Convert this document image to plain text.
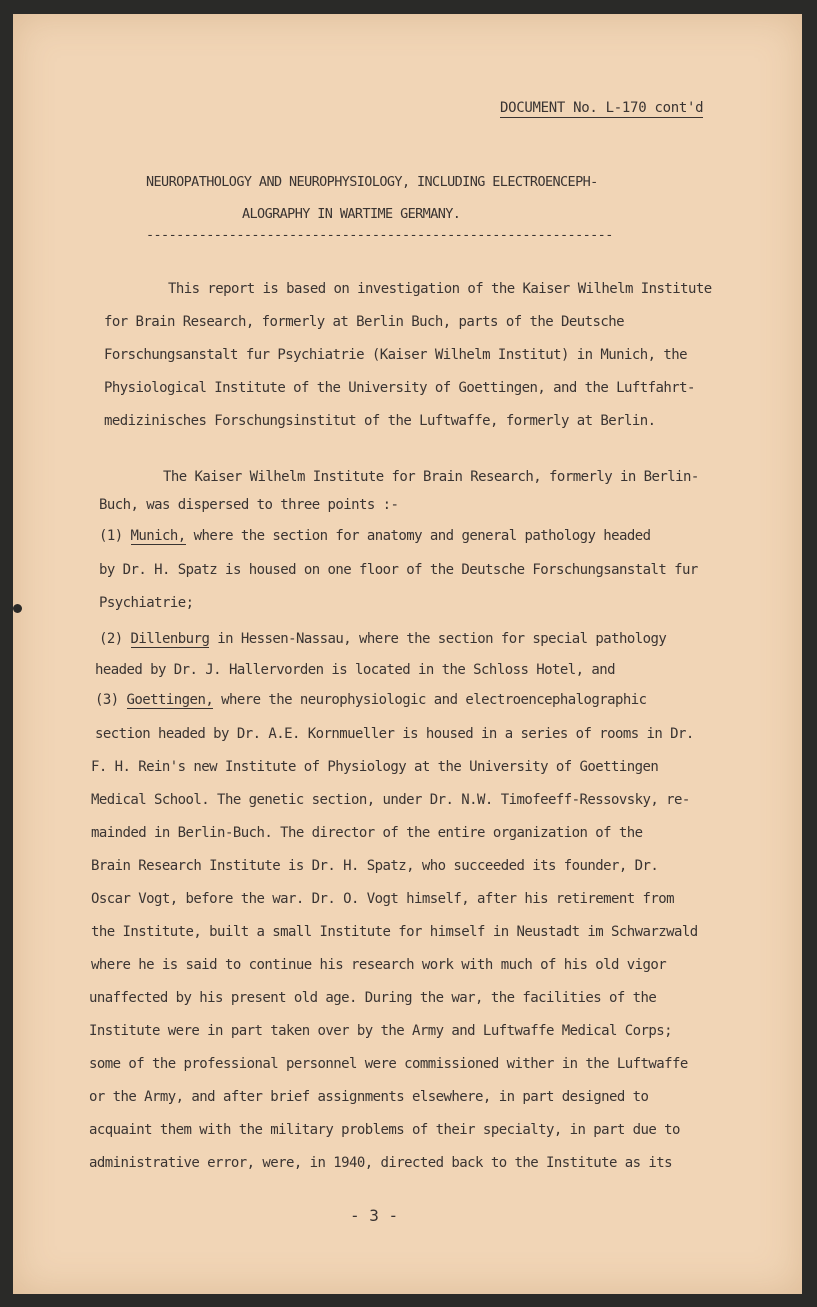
DOCUMENT No. L-170 cont'd
NEUROPATHOLOGY AND NEUROPHYSIOLOGY, INCLUDING ELECTROENCEPH-
ALOGRAPHY IN WARTIME GERMANY.
--------------------------------------------------------------
This report is based on investigation of the Kaiser Wilhelm Institute
for Brain Research, formerly at Berlin Buch, parts of the Deutsche
Forschungsanstalt fur Psychiatrie (Kaiser Wilhelm Institut) in Munich, the
Physiological Institute of the University of Goettingen, and the Luftfahrt-
medizinisches Forschungsinstitut of the Luftwaffe, formerly at Berlin.
The Kaiser Wilhelm Institute for Brain Research, formerly in Berlin-
Buch, was dispersed to three points :-
(1) Munich, where the section for anatomy and general pathology headed
by Dr. H. Spatz is housed on one floor of the Deutsche Forschungsanstalt fur
Psychiatrie;
(2) Dillenburg in Hessen-Nassau, where the section for special pathology
headed by Dr. J. Hallervorden is located in the Schloss Hotel, and
(3) Goettingen, where the neurophysiologic and electroencephalographic
section headed by Dr. A.E. Kornmueller is housed in a series of rooms in Dr.
F. H. Rein's new Institute of Physiology at the University of Goettingen
Medical School. The genetic section, under Dr. N.W. Timofeeff-Ressovsky, re-
mainded in Berlin-Buch. The director of the entire organization of the
Brain Research Institute is Dr. H. Spatz, who succeeded its founder, Dr.
Oscar Vogt, before the war. Dr. O. Vogt himself, after his retirement from
the Institute, built a small Institute for himself in Neustadt im Schwarzwald
where he is said to continue his research work with much of his old vigor
unaffected by his present old age. During the war, the facilities of the
Institute were in part taken over by the Army and Luftwaffe Medical Corps;
some of the professional personnel were commissioned wither in the Luftwaffe
or the Army, and after brief assignments elsewhere, in part designed to
acquaint them with the military problems of their specialty, in part due to
administrative error, were, in 1940, directed back to the Institute as its
- 3 -
